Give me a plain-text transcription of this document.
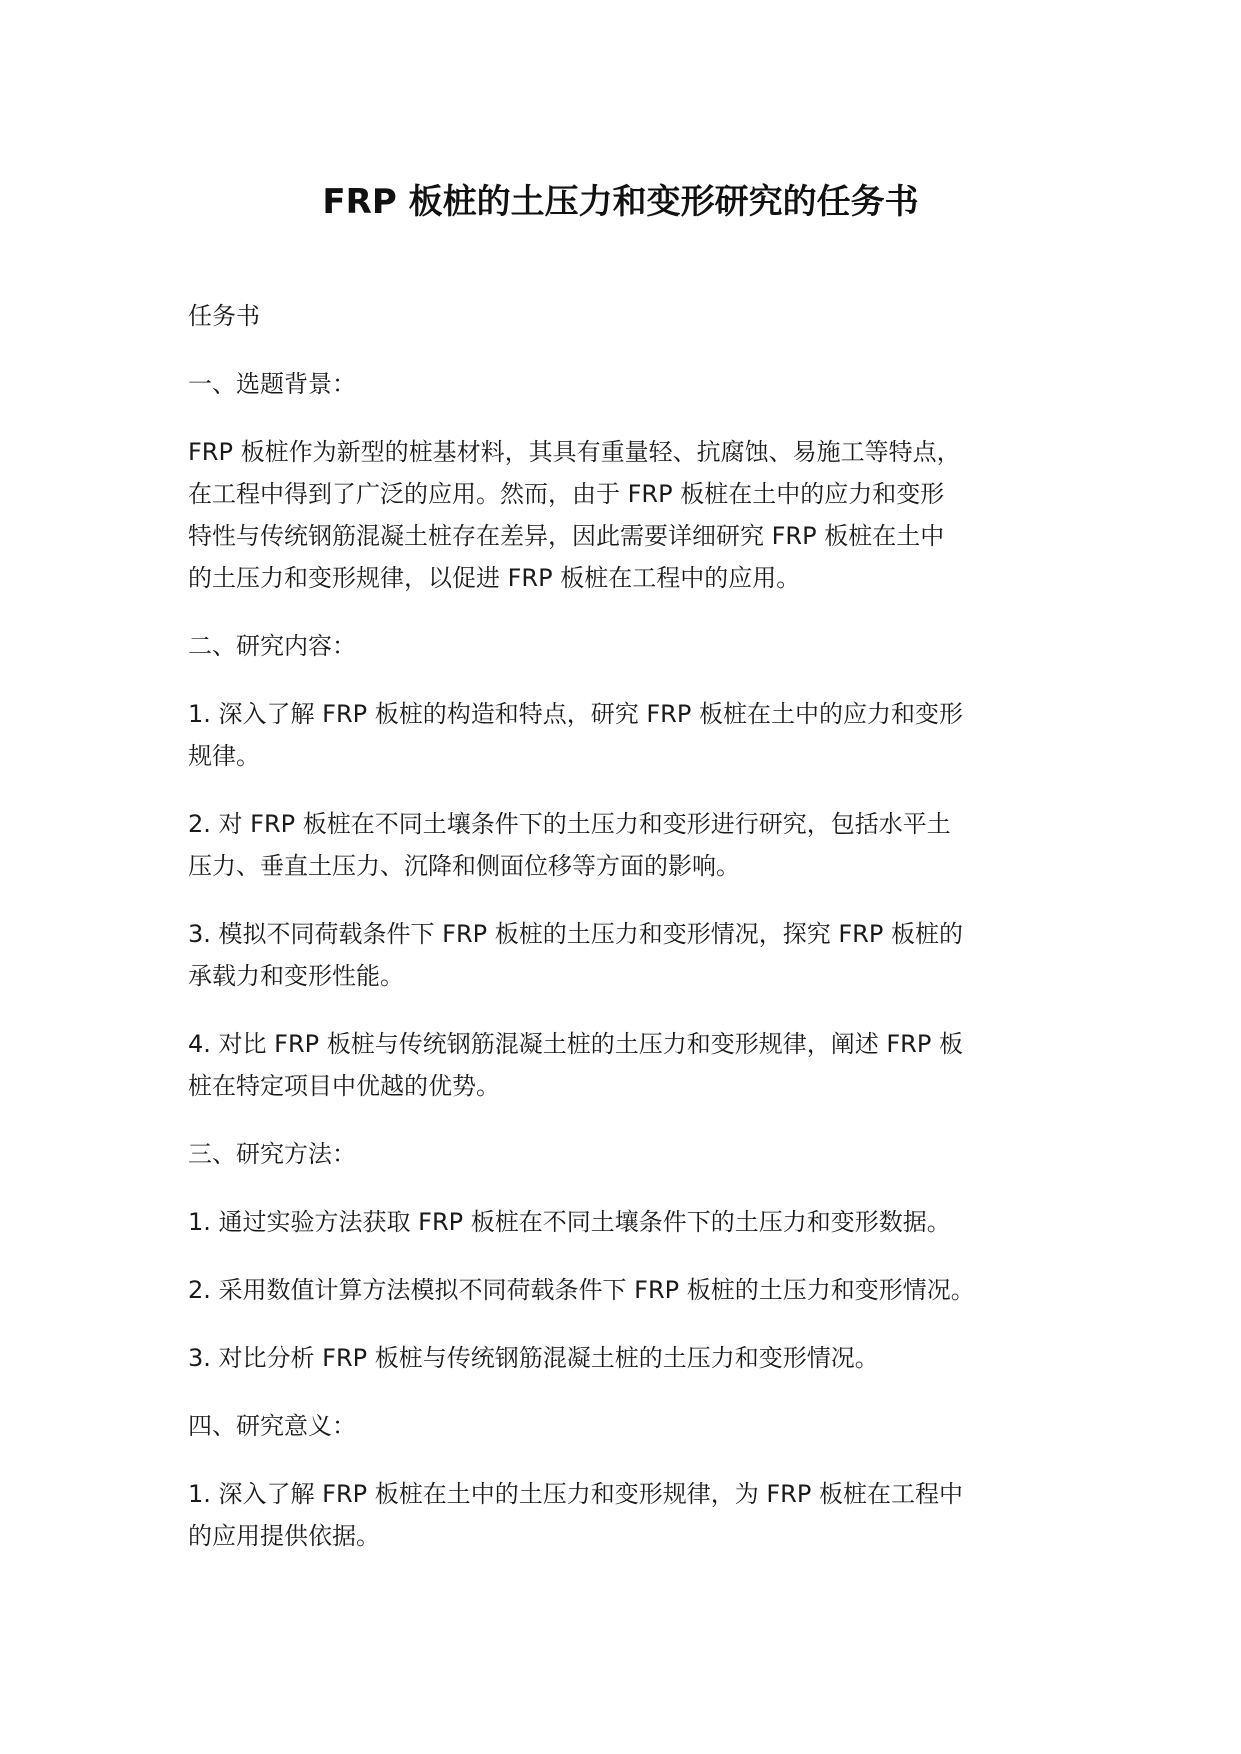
FRP 板桩的土压力和变形研究的任务书

任务书

一、选题背景：

FRP 板桩作为新型的桩基材料，其具有重量轻、抗腐蚀、易施工等特点，
在工程中得到了广泛的应用。然而，由于 FRP 板桩在土中的应力和变形
特性与传统钢筋混凝土桩存在差异，因此需要详细研究 FRP 板桩在土中
的土压力和变形规律，以促进 FRP 板桩在工程中的应用。

二、研究内容：

1. 深入了解 FRP 板桩的构造和特点，研究 FRP 板桩在土中的应力和变形
规律。

2. 对 FRP 板桩在不同土壤条件下的土压力和变形进行研究，包括水平土
压力、垂直土压力、沉降和侧面位移等方面的影响。

3. 模拟不同荷载条件下 FRP 板桩的土压力和变形情况，探究 FRP 板桩的
承载力和变形性能。

4. 对比 FRP 板桩与传统钢筋混凝土桩的土压力和变形规律，阐述 FRP 板
桩在特定项目中优越的优势。

三、研究方法：

1. 通过实验方法获取 FRP 板桩在不同土壤条件下的土压力和变形数据。

2. 采用数值计算方法模拟不同荷载条件下 FRP 板桩的土压力和变形情况。

3. 对比分析 FRP 板桩与传统钢筋混凝土桩的土压力和变形情况。

四、研究意义：

1. 深入了解 FRP 板桩在土中的土压力和变形规律，为 FRP 板桩在工程中
的应用提供依据。
